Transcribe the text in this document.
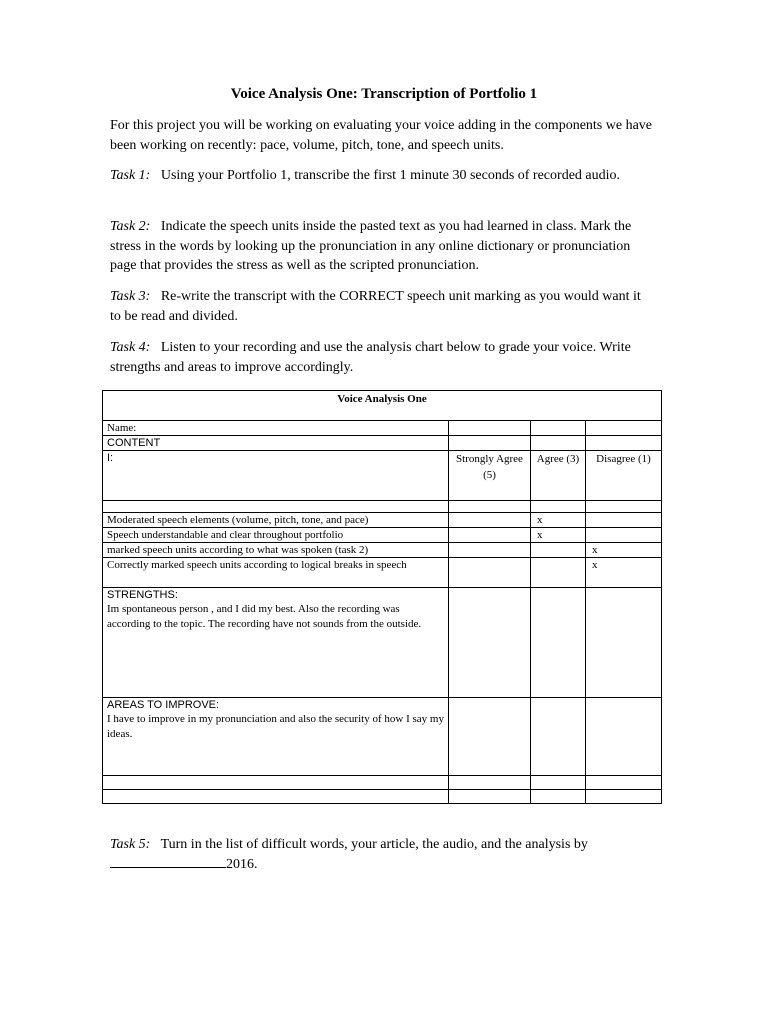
Voice Analysis One: Transcription of Portfolio 1
For this project you will be working on evaluating your voice adding in the components we have been working on recently: pace, volume, pitch, tone, and speech units.
Task 1: Using your Portfolio 1, transcribe the first 1 minute 30 seconds of recorded audio.
Task 2: Indicate the speech units inside the pasted text as you had learned in class. Mark the stress in the words by looking up the pronunciation in any online dictionary or pronunciation page that provides the stress as well as the scripted pronunciation.
Task 3: Re-write the transcript with the CORRECT speech unit marking as you would want it to be read and divided.
Task 4: Listen to your recording and use the analysis chart below to grade your voice. Write strengths and areas to improve accordingly.
Voice Analysis One			
Name:			
CONTENT			
I:	Strongly Agree (5)	Agree (3)	Disagree (1)

Moderated speech elements (volume, pitch, tone, and pace)		x	
Speech understandable and clear throughout portfolio		x	
marked speech units according to what was spoken (task 2)			x
Correctly marked speech units according to logical breaks in speech			x

STRENGTHS:
Im spontaneous person , and I did my best. Also the recording was according to the topic. The recording have not sounds from the outside.			

AREAS TO IMPROVE:
I have to improve in my pronunciation and also the security of how I say my ideas.			

Task 5: Turn in the list of difficult words, your article, the audio, and the analysis by
2016.
